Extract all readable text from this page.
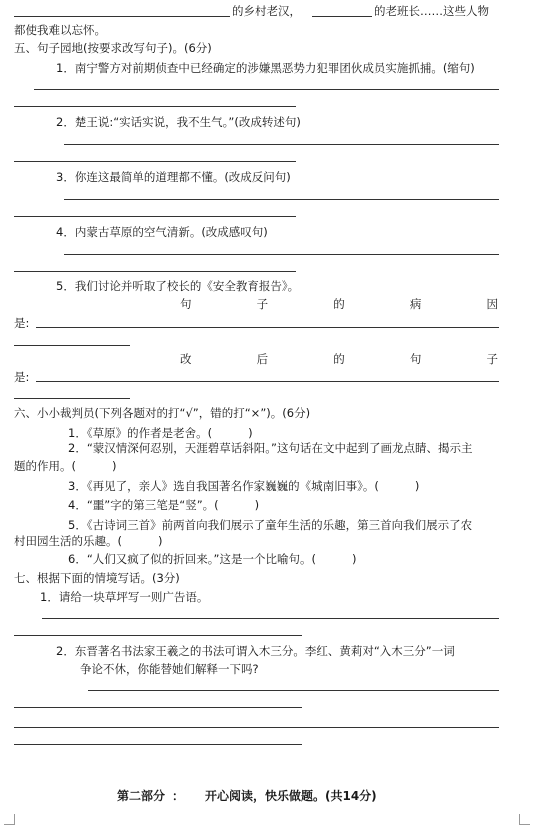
的乡村老汉，	的老班长……这些人物
都使我难以忘怀。
五、句子园地(按要求改写句子)。(6分)
1．南宁警方对前期侦查中已经确定的涉嫌黑恶势力犯罪团伙成员实施抓捕。(缩句)
2．楚王说:“实话实说，我不生气。”(改成转述句)
3．你连这最简单的道理都不懂。(改成反问句)
4．内蒙古草原的空气清新。(改成感叹句)
5．我们讨论并听取了校长的《安全教育报告》。
句	子	的	病	因
是:
改	后	的	句	子
是:
六、小小裁判员(下列各题对的打“√”，错的打“×”)。(6分)
1．《草原》的作者是老舍。(	)
2．“蒙汉情深何忍别，天涯碧草话斜阳。”这句话在文中起到了画龙点睛、揭示主
题的作用。(	)
3．《再见了，亲人》选自我国著名作家巍巍的《城南旧事》。(	)
4．“噩”字的第三笔是“竖”。(	)
5．《古诗词三首》前两首向我们展示了童年生活的乐趣，第三首向我们展示了农
村田园生活的乐趣。(	)
6．“人们又疯了似的折回来。”这是一个比喻句。(	)
七、根据下面的情境写话。(3分)
1．请给一块草坪写一则广告语。
2．东晋著名书法家王羲之的书法可谓入木三分。李红、黄莉对“入木三分”一词
争论不休，你能替她们解释一下吗?
第二部分 ： 开心阅读，快乐做题。(共14分)
